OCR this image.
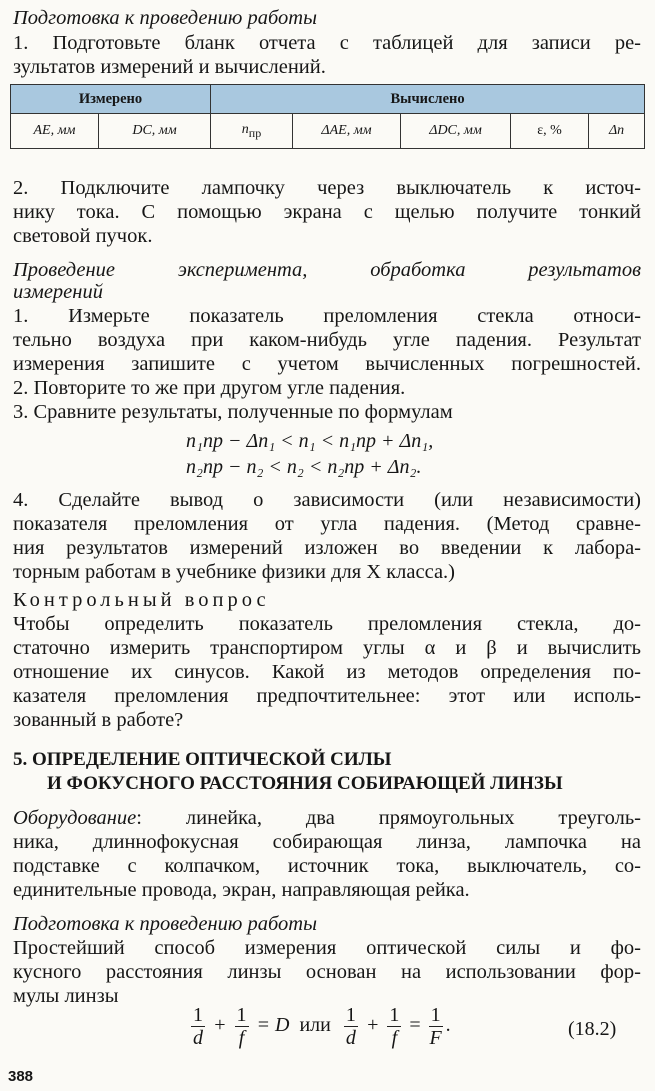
Подготовка к проведению работы
1. Подготовьте бланк отчета с таблицей для записи ре-
зультатов измерений и вычислений.
Измерено		Вычислено				
AE, мм	DC, мм	$n_{пр}$	ΔAE, мм	ΔDC, мм	ε, %	Δn
2. Подключите лампочку через выключатель к источ-
нику тока. С помощью экрана с щелью получите тонкий
световой пучок.
Проведение эксперимента, обработка результатов
измерений
1. Измерьте показатель преломления стекла относи-
тельно воздуха при каком-нибудь угле падения. Результат
измерения запишите с учетом вычисленных погрешностей.
2. Повторите то же при другом угле падения.
3. Сравните результаты, полученные по формулам
n₁пр − Δn₁ < n₁ < n₁пр + Δn₁,
n₂пр − n₂ < n₂ < n₂пр + Δn₂.
4. Сделайте вывод о зависимости (или независимости)
показателя преломления от угла падения. (Метод сравне-
ния результатов измерений изложен во введении к лабора-
торным работам в учебнике физики для X класса.)
Контрольный вопрос
Чтобы определить показатель преломления стекла, до-
статочно измерить транспортиром углы α и β и вычислить
отношение их синусов. Какой из методов определения по-
казателя преломления предпочтительнее: этот или исполь-
зованный в работе?
5. ОПРЕДЕЛЕНИЕ ОПТИЧЕСКОЙ СИЛЫ
И ФОКУСНОГО РАССТОЯНИЯ СОБИРАЮЩЕЙ ЛИНЗЫ
Оборудование: линейка, два прямоугольных треуголь-
ника, длиннофокусная собирающая линза, лампочка на
подставке с колпачком, источник тока, выключатель, со-
единительные провода, экран, направляющая рейка.
Подготовка к проведению работы
Простейший способ измерения оптической силы и фо-
кусного расстояния линзы основан на использовании фор-
мулы линзы
$\frac{1}{d} + \frac{1}{f} = D$ или $\frac{1}{d} + \frac{1}{f} = \frac{1}{F}$ .	(18.2)
388
